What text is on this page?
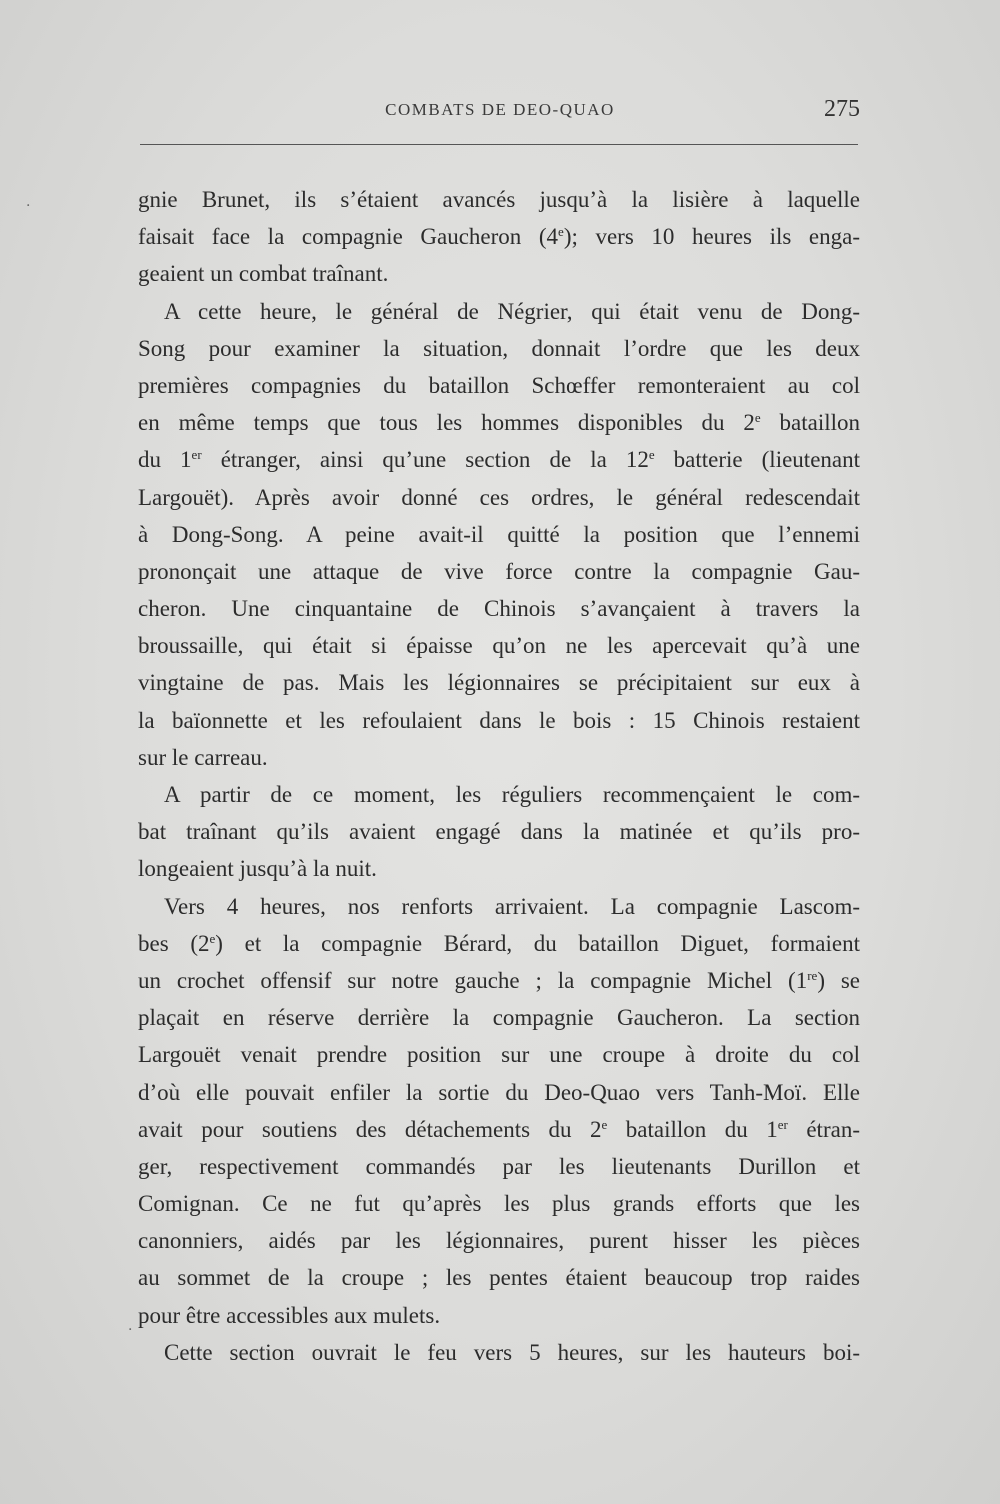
COMBATS DE DEO-QUAO	275
gnie Brunet, ils s’étaient avancés jusqu’à la lisière à laquelle
faisait face la compagnie Gaucheron (4e); vers 10 heures ils enga-
geaient un combat traînant.
A cette heure, le général de Négrier, qui était venu de Dong-
Song pour examiner la situation, donnait l’ordre que les deux
premières compagnies du bataillon Schœffer remonteraient au col
en même temps que tous les hommes disponibles du 2e bataillon
du 1er étranger, ainsi qu’une section de la 12e batterie (lieutenant
Largouët). Après avoir donné ces ordres, le général redescendait
à Dong-Song. A peine avait-il quitté la position que l’ennemi
prononçait une attaque de vive force contre la compagnie Gau-
cheron. Une cinquantaine de Chinois s’avançaient à travers la
broussaille, qui était si épaisse qu’on ne les apercevait qu’à une
vingtaine de pas. Mais les légionnaires se précipitaient sur eux à
la baïonnette et les refoulaient dans le bois : 15 Chinois restaient
sur le carreau.
A partir de ce moment, les réguliers recommençaient le com-
bat traînant qu’ils avaient engagé dans la matinée et qu’ils pro-
longeaient jusqu’à la nuit.
Vers 4 heures, nos renforts arrivaient. La compagnie Lascom-
bes (2e) et la compagnie Bérard, du bataillon Diguet, formaient
un crochet offensif sur notre gauche ; la compagnie Michel (1re) se
plaçait en réserve derrière la compagnie Gaucheron. La section
Largouët venait prendre position sur une croupe à droite du col
d’où elle pouvait enfiler la sortie du Deo-Quao vers Tanh-Moï. Elle
avait pour soutiens des détachements du 2e bataillon du 1er étran-
ger, respectivement commandés par les lieutenants Durillon et
Comignan. Ce ne fut qu’après les plus grands efforts que les
canonniers, aidés par les légionnaires, purent hisser les pièces
au sommet de la croupe ; les pentes étaient beaucoup trop raides
pour être accessibles aux mulets.
Cette section ouvrait le feu vers 5 heures, sur les hauteurs boi-
·
·
